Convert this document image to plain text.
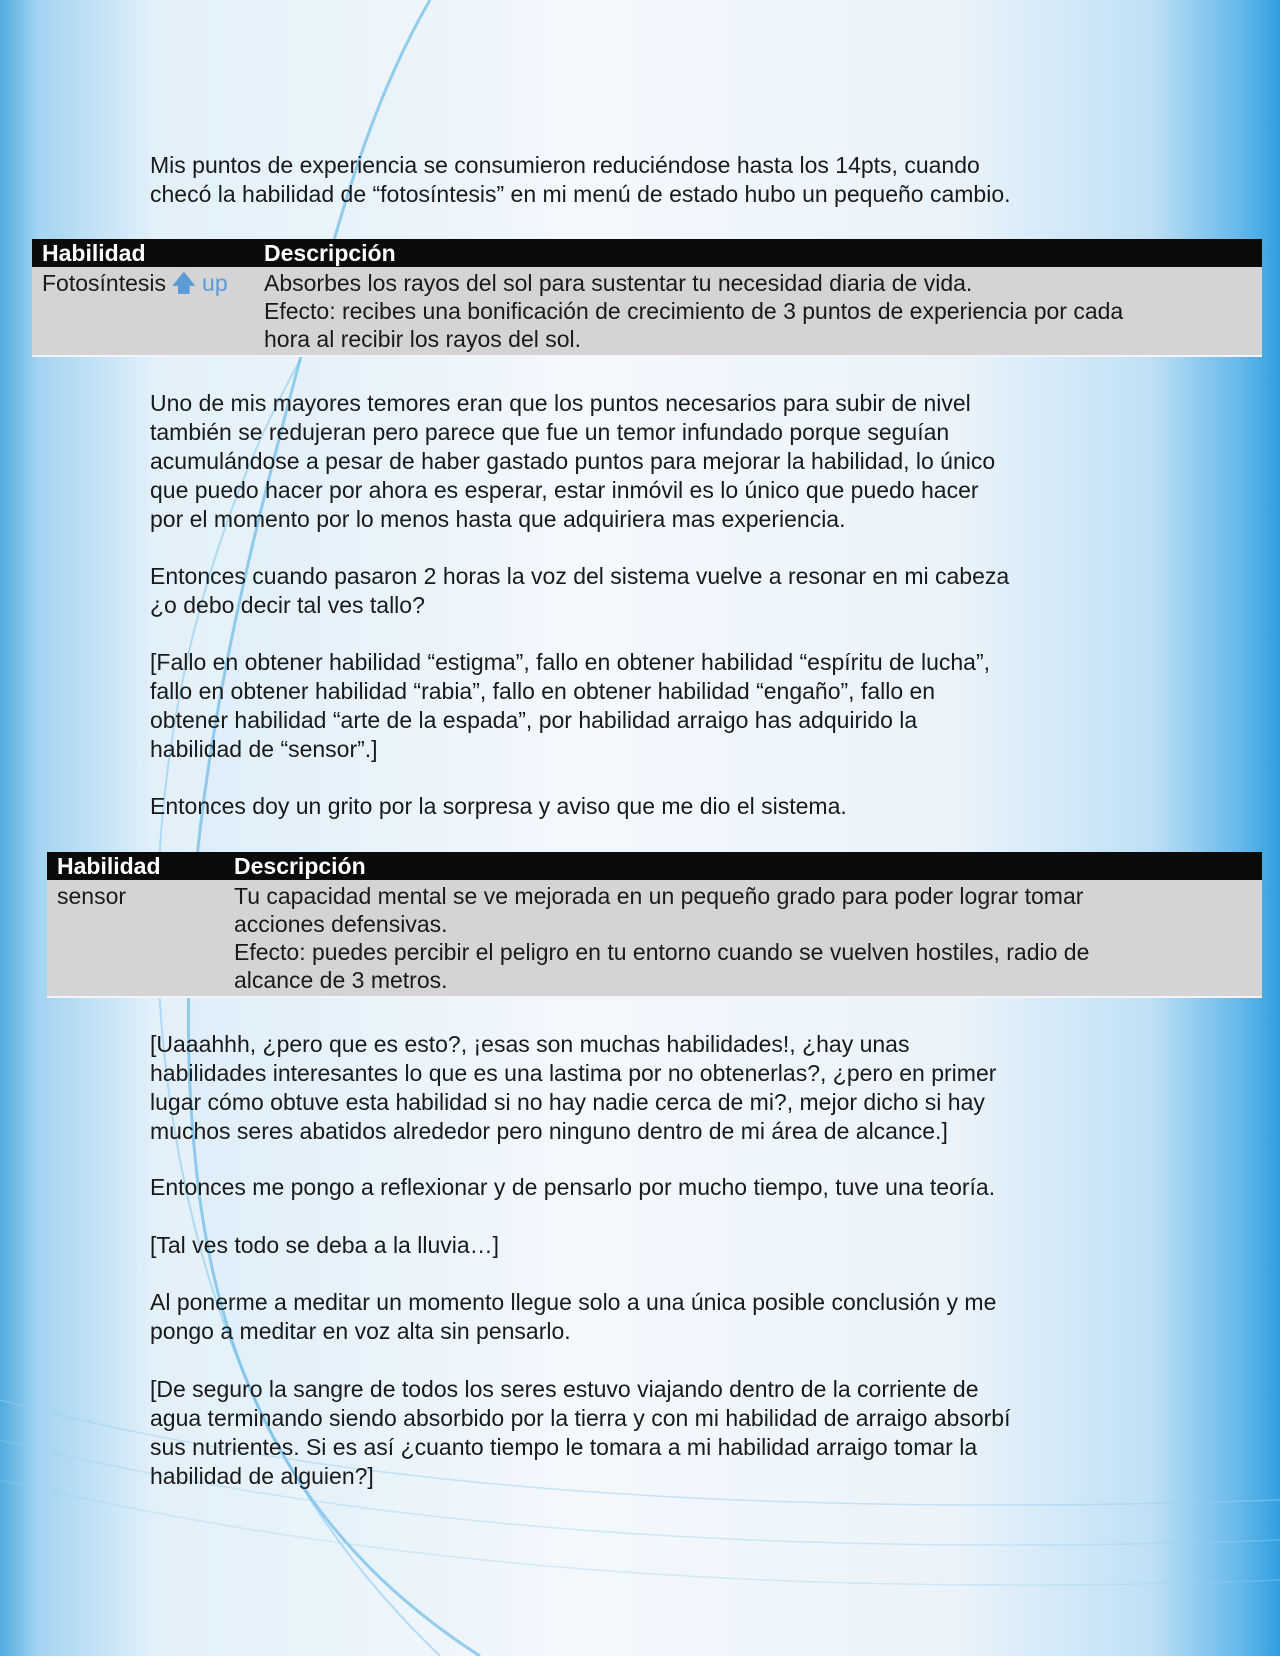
Mis puntos de experiencia se consumieron reduciéndose hasta los 14pts, cuando
checó la habilidad de “fotosíntesis” en mi menú de estado hubo un pequeño cambio.

Habilidad	Descripción
Fotosíntesis 🡅 up	Absorbes los rayos del sol para sustentar tu necesidad diaria de vida.
Efecto: recibes una bonificación de crecimiento de 3 puntos de experiencia por cada
hora al recibir los rayos del sol.

Uno de mis mayores temores eran que los puntos necesarios para subir de nivel
también se redujeran pero parece que fue un temor infundado porque seguían
acumulándose a pesar de haber gastado puntos para mejorar la habilidad, lo único
que puedo hacer por ahora es esperar, estar inmóvil es lo único que puedo hacer
por el momento por lo menos hasta que adquiriera mas experiencia.

Entonces cuando pasaron 2 horas la voz del sistema vuelve a resonar en mi cabeza
¿o debo decir tal ves tallo?

[Fallo en obtener habilidad “estigma”, fallo en obtener habilidad “espíritu de lucha”,
fallo en obtener habilidad “rabia”, fallo en obtener habilidad “engaño”, fallo en
obtener habilidad “arte de la espada”, por habilidad arraigo has adquirido la
habilidad de “sensor”.]

Entonces doy un grito por la sorpresa y aviso que me dio el sistema.

Habilidad	Descripción
sensor	Tu capacidad mental se ve mejorada en un pequeño grado para poder lograr tomar
acciones defensivas.
Efecto: puedes percibir el peligro en tu entorno cuando se vuelven hostiles, radio de
alcance de 3 metros.

[Uaaahhh, ¿pero que es esto?, ¡esas son muchas habilidades!, ¿hay unas
habilidades interesantes lo que es una lastima por no obtenerlas?, ¿pero en primer
lugar cómo obtuve esta habilidad si no hay nadie cerca de mi?, mejor dicho si hay
muchos seres abatidos alrededor pero ninguno dentro de mi área de alcance.]

Entonces me pongo a reflexionar y de pensarlo por mucho tiempo, tuve una teoría.

[Tal ves todo se deba a la lluvia…]

Al ponerme a meditar un momento llegue solo a una única posible conclusión y me
pongo a meditar en voz alta sin pensarlo.

[De seguro la sangre de todos los seres estuvo viajando dentro de la corriente de
agua terminando siendo absorbido por la tierra y con mi habilidad de arraigo absorbí
sus nutrientes. Si es así ¿cuanto tiempo le tomara a mi habilidad arraigo tomar la
habilidad de alguien?]
